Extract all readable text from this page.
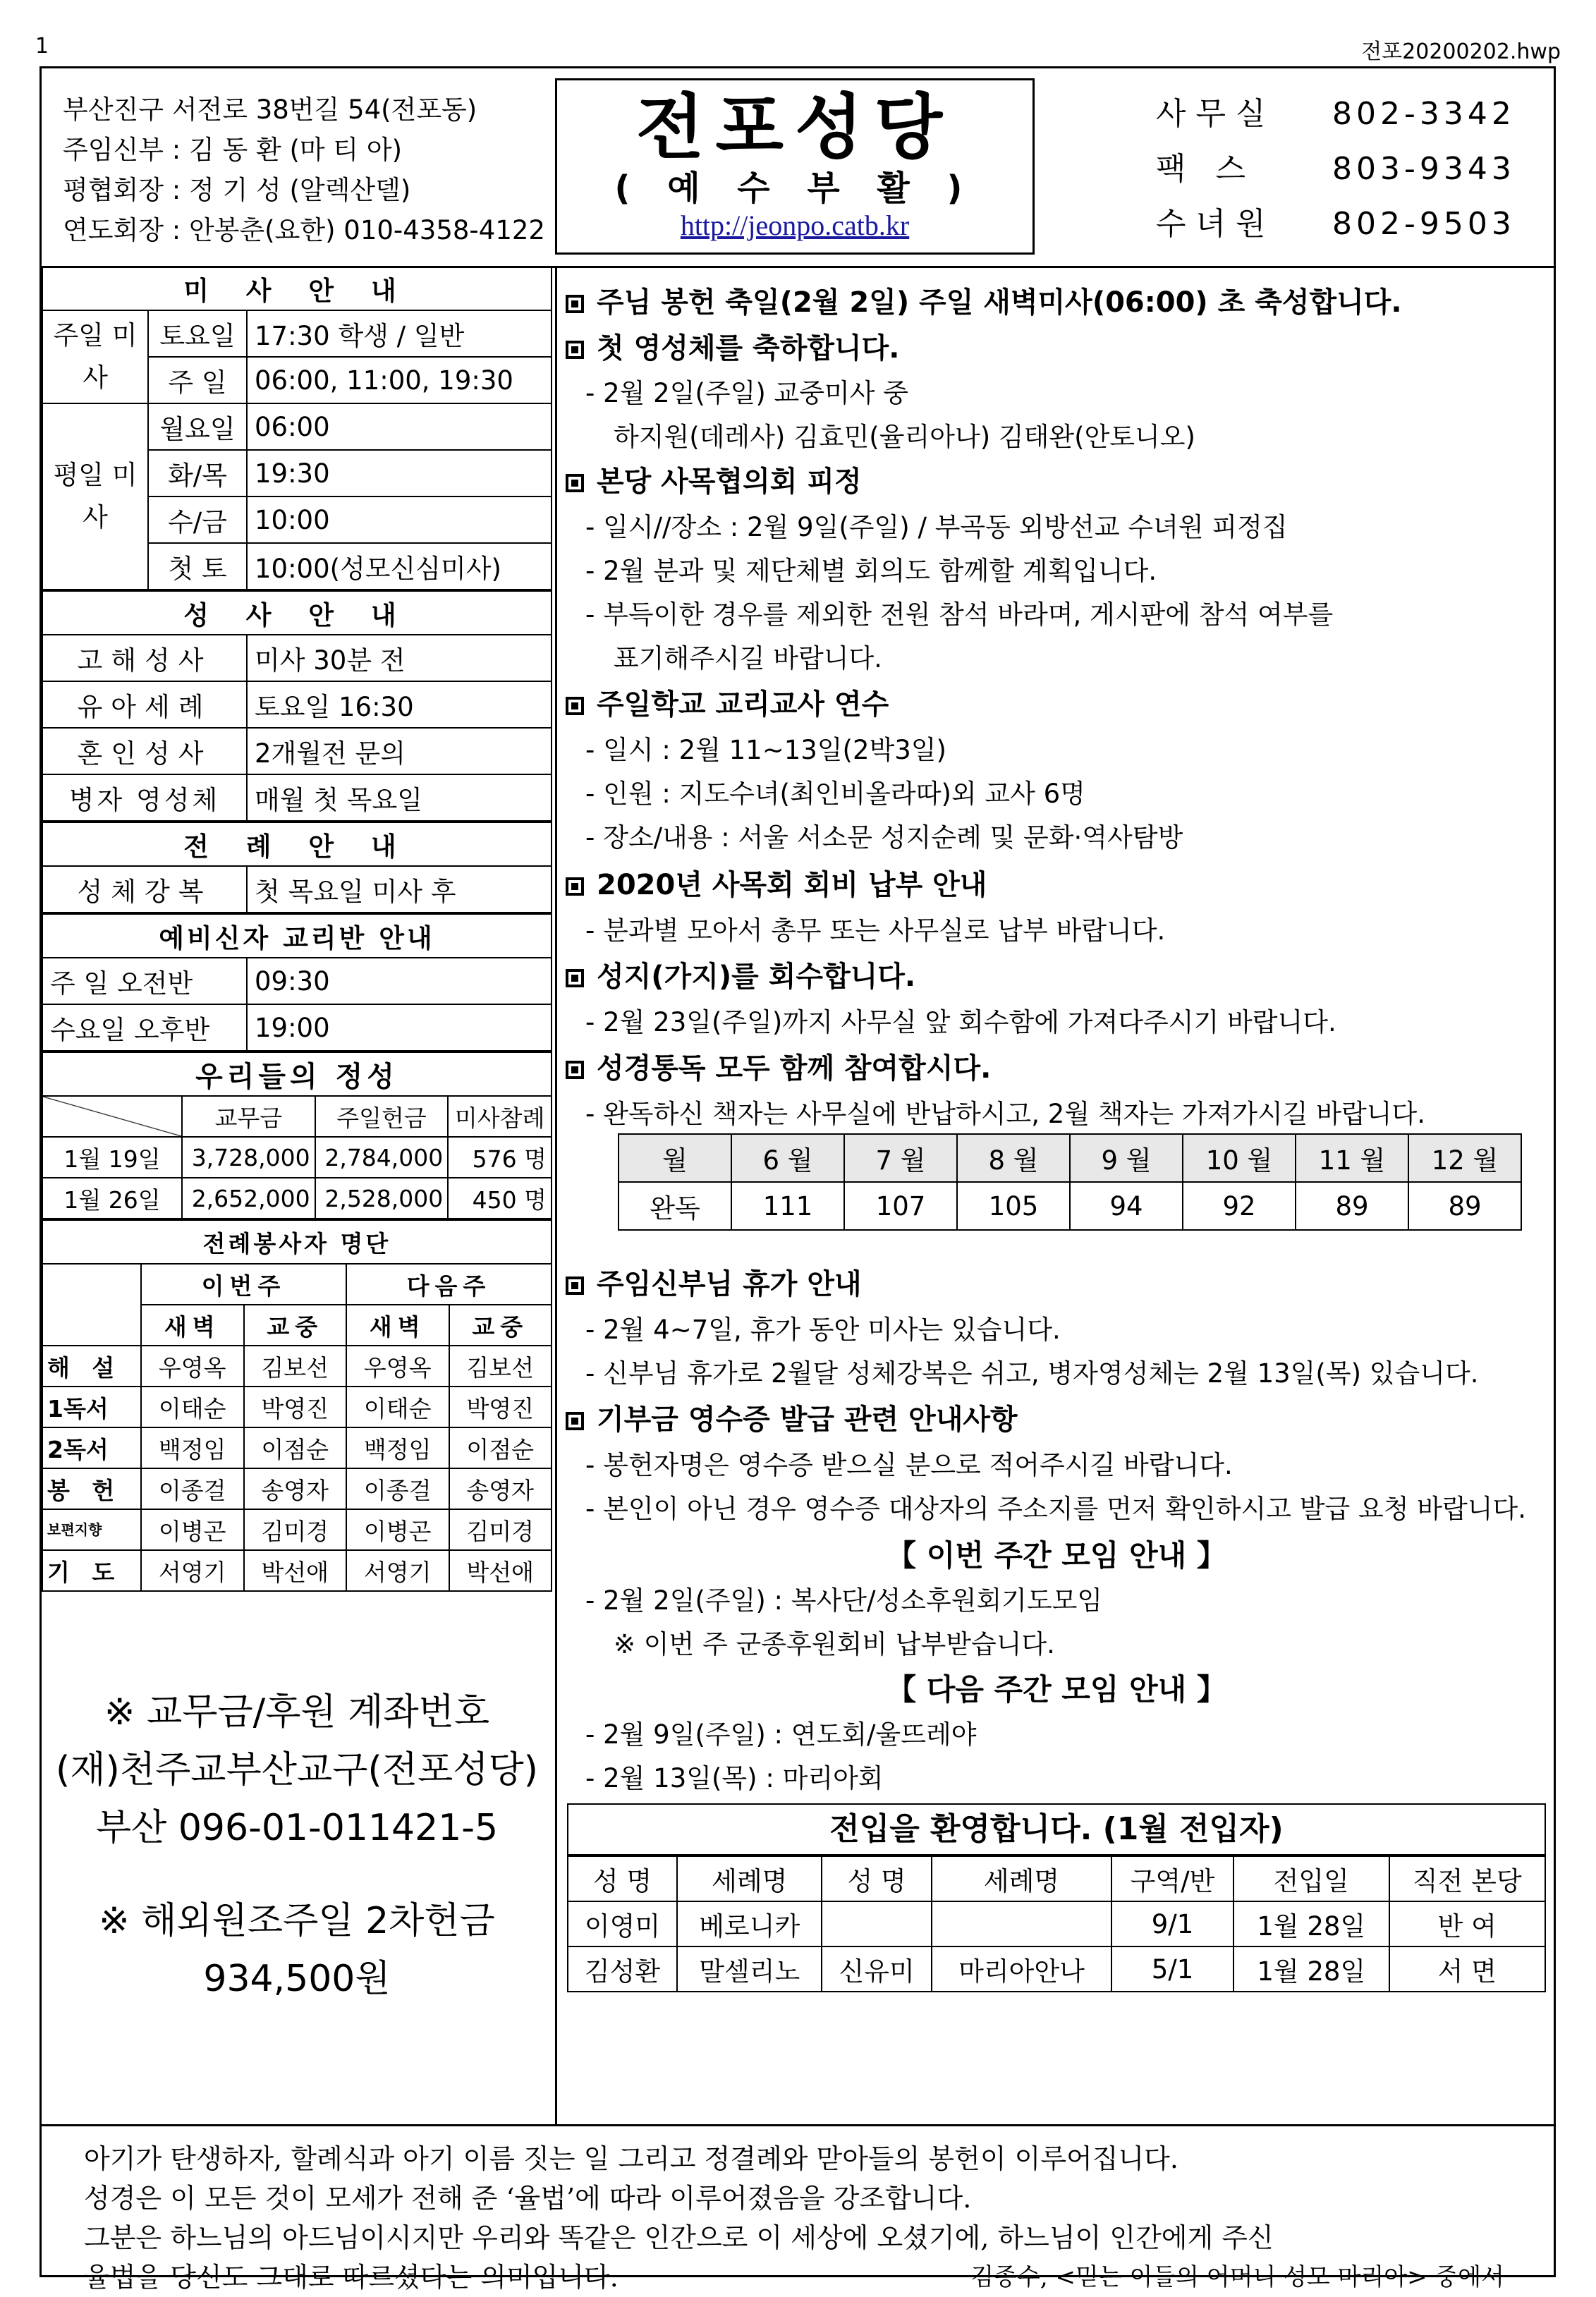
1	전포20200202.hwp
부산진구 서전로 38번길 54(전포동)
주임신부 : 김 동 환 (마 티 아)
평협회장 : 정 기 성 (알렉산델)
연도회장 : 안봉춘(요한) 010-4358-4122
전포성당
( 예 수 부 활 )
http://jeonpo.catb.kr
사무실	802-3342
팩 스	803-9343
수녀원	802-9503
미 사 안 내		
주일 미사	토요일	17:30 학생 / 일반
	주 일	06:00, 11:00, 19:30
평일 미사	월요일	06:00
	화/목	19:30
	수/금	10:00
	첫 토	10:00(성모신심미사)
성 사 안 내	
고해성사	미사 30분 전
유아세례	토요일 16:30
혼인성사	2개월전 문의
병자 영성체	매월 첫 목요일
전 례 안 내
성체강복	첫 목요일 미사 후
예비신자 교리반 안내	
주 일 오전반	09:30
수요일 오후반	19:00
우리들의 정성			
	교무금	주일헌금	미사참례
1월 19일	3,728,000	2,784,000	576 명
1월 26일	2,652,000	2,528,000	450 명
전례봉사자 명단				
	이번주		다음주	
	새벽	교중	새벽	교중
해 설	우영옥	김보선	우영옥	김보선
1독서	이태순	박영진	이태순	박영진
2독서	백정임	이점순	백정임	이점순
봉 헌	이종걸	송영자	이종걸	송영자
보편지향	이병곤	김미경	이병곤	김미경
기 도	서영기	박선애	서영기	박선애
※ 교무금/후원 계좌번호
(재)천주교부산교구(전포성당)
부산 096-01-011421-5
※ 해외원조주일 2차헌금
934,500원
주님 봉헌 축일(2월 2일) 주일 새벽미사(06:00) 초 축성합니다.
첫 영성체를 축하합니다.
- 2월 2일(주일) 교중미사 중
하지원(데레사) 김효민(율리아나) 김태완(안토니오)
본당 사목협의회 피정
- 일시//장소 : 2월 9일(주일) / 부곡동 외방선교 수녀원 피정집
- 2월 분과 및 제단체별 회의도 함께할 계획입니다.
- 부득이한 경우를 제외한 전원 참석 바라며, 게시판에 참석 여부를
표기해주시길 바랍니다.
주일학교 교리교사 연수
- 일시 : 2월 11~13일(2박3일)
- 인원 : 지도수녀(최인비올라따)외 교사 6명
- 장소/내용 : 서울 서소문 성지순례 및 문화·역사탐방
2020년 사목회 회비 납부 안내
- 분과별 모아서 총무 또는 사무실로 납부 바랍니다.
성지(가지)를 회수합니다.
- 2월 23일(주일)까지 사무실 앞 회수함에 가져다주시기 바랍니다.
성경통독 모두 함께 참여합시다.
- 완독하신 책자는 사무실에 반납하시고, 2월 책자는 가져가시길 바랍니다.
월	6 월	7 월	8 월	9 월	10 월	11 월	12 월
완독	111	107	105	94	92	89	89
주임신부님 휴가 안내
- 2월 4~7일, 휴가 동안 미사는 있습니다.
- 신부님 휴가로 2월달 성체강복은 쉬고, 병자영성체는 2월 13일(목) 있습니다.
기부금 영수증 발급 관련 안내사항
- 봉헌자명은 영수증 받으실 분으로 적어주시길 바랍니다.
- 본인이 아닌 경우 영수증 대상자의 주소지를 먼저 확인하시고 발급 요청 바랍니다.
【 이번 주간 모임 안내 】
- 2월 2일(주일) : 복사단/성소후원회기도모임
※ 이번 주 군종후원회비 납부받습니다.
【 다음 주간 모임 안내 】
- 2월 9일(주일) : 연도회/울뜨레야
- 2월 13일(목) : 마리아회
전입을 환영합니다. (1월 전입자)
성 명	세례명	성 명	세례명	구역/반	전입일	직전 본당
이영미	베로니카			9/1	1월 28일	반 여
김성환	말셀리노	신유미	마리아안나	5/1	1월 28일	서 면
아기가 탄생하자, 할례식과 아기 이름 짓는 일 그리고 정결례와 맏아들의 봉헌이 이루어집니다.
성경은 이 모든 것이 모세가 전해 준 ‘율법’에 따라 이루어졌음을 강조합니다.
그분은 하느님의 아드님이시지만 우리와 똑같은 인간으로 이 세상에 오셨기에, 하느님이 인간에게 주신
율법을 당신도 그대로 따르셨다는 의미입니다.	김종수, <믿는 이들의 어머니 성모 마리아> 중에서
